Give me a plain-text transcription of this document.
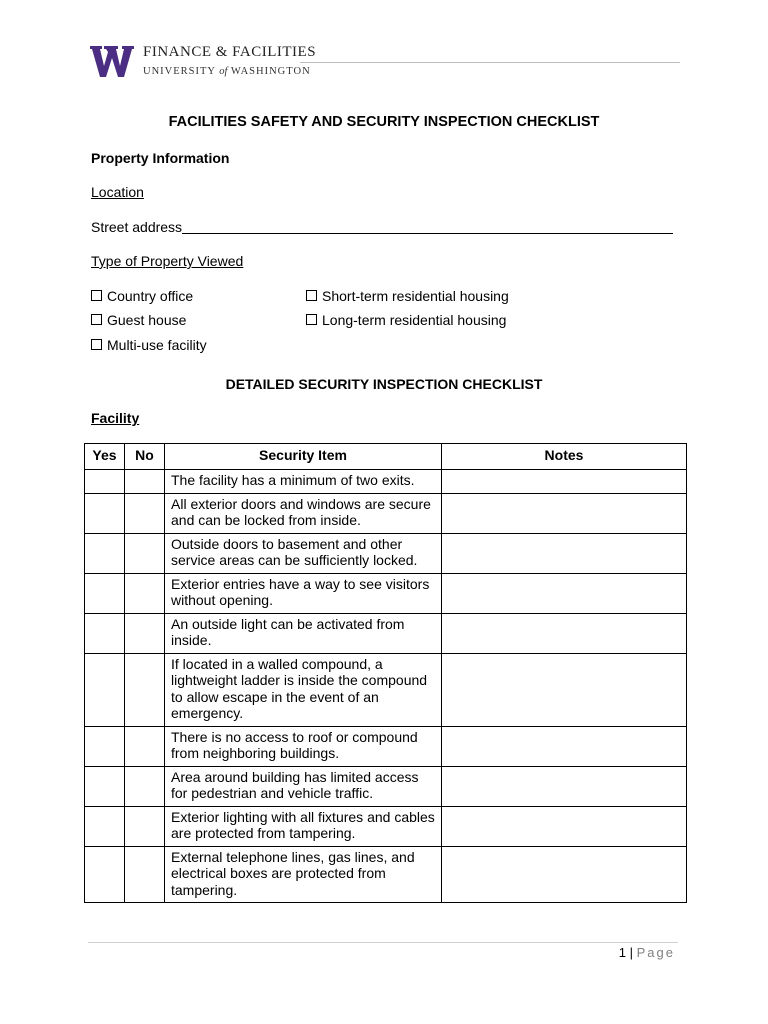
FINANCE & FACILITIES
UNIVERSITY of WASHINGTON
FACILITIES SAFETY AND SECURITY INSPECTION CHECKLIST
Property Information
Location
Street address
Type of Property Viewed
Country office
Guest house
Multi-use facility
Short-term residential housing
Long-term residential housing
DETAILED SECURITY INSPECTION CHECKLIST
Facility
Yes	No	Security Item	Notes
		The facility has a minimum of two exits.	
		All exterior doors and windows are secure and can be locked from inside.	
		Outside doors to basement and other service areas can be sufficiently locked.	
		Exterior entries have a way to see visitors without opening.	
		An outside light can be activated from inside.	
		If located in a walled compound, a lightweight ladder is inside the compound to allow escape in the event of an emergency.	
		There is no access to roof or compound from neighboring buildings.	
		Area around building has limited access for pedestrian and vehicle traffic.	
		Exterior lighting with all fixtures and cables are protected from tampering.	
		External telephone lines, gas lines, and electrical boxes are protected from tampering.	
1 | Page
